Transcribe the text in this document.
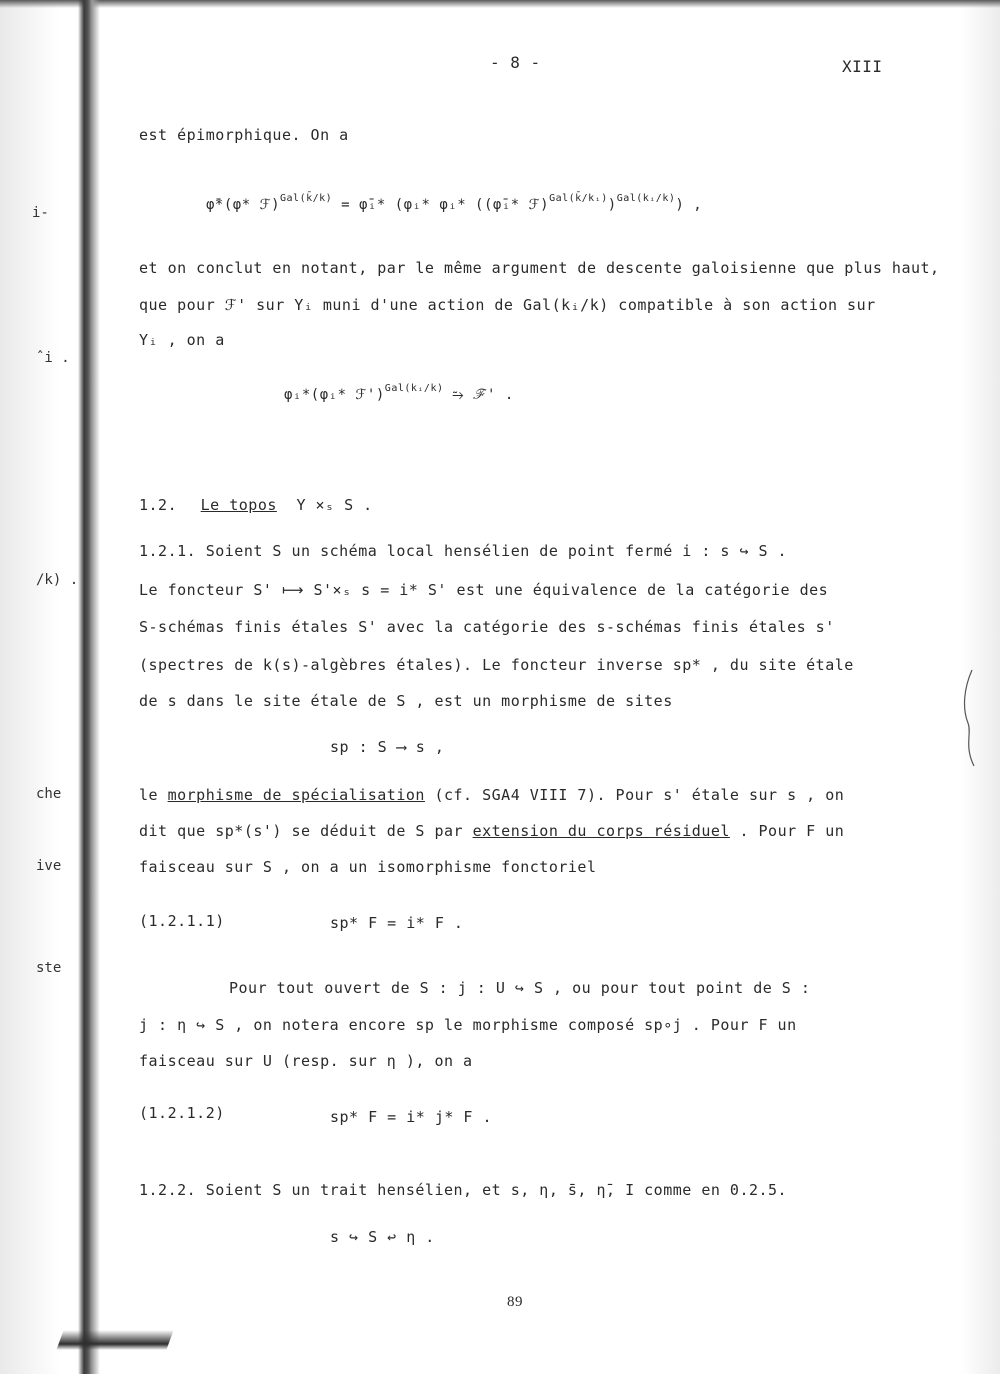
i-
ˆi .
/k) .
che
ive
ste
- 8 -	XIII
est épimorphique. On a
φ̄*(φ* ℱ)$^{Gal(k̄/k)}$ = φ̄ᵢ* (φᵢ* φᵢ* ((φ̄ᵢ* ℱ)$^{Gal(k̄/kᵢ)}$)$^{Gal(kᵢ/k)}$) ,
et on conclut en notant, par le même argument de descente galoisienne que plus haut,
que pour ℱ' sur Yᵢ muni d'une action de Gal(kᵢ/k) compatible à son action sur
Yᵢ , on a
φᵢ*(φᵢ* ℱ')$^{Gal(kᵢ/k)}$ ⥲ ℱ' .
1.2. Le topos Y ×ₛ S .
1.2.1. Soient S un schéma local hensélien de point fermé i : s ↪ S .
Le foncteur S' ⟼ S'×ₛ s = i* S' est une équivalence de la catégorie des
S-schémas finis étales S' avec la catégorie des s-schémas finis étales s'
(spectres de k(s)-algèbres étales). Le foncteur inverse sp* , du site étale
de s dans le site étale de S , est un morphisme de sites
sp : S ⟶ s ,
le morphisme de spécialisation (cf. SGA4 VIII 7). Pour s' étale sur s , on
dit que sp*(s') se déduit de S par extension du corps résiduel . Pour F un
faisceau sur S , on a un isomorphisme fonctoriel
(1.2.1.1)	sp* F = i* F .
Pour tout ouvert de S : j : U ↪ S , ou pour tout point de S :
j : η ↪ S , on notera encore sp le morphisme composé sp∘j . Pour F un
faisceau sur U (resp. sur η ), on a
(1.2.1.2)	sp* F = i* j* F .
1.2.2. Soient S un trait hensélien, et s, η, s̄, η̄, I comme en 0.2.5.
s ↪ S ↩ η .
89
